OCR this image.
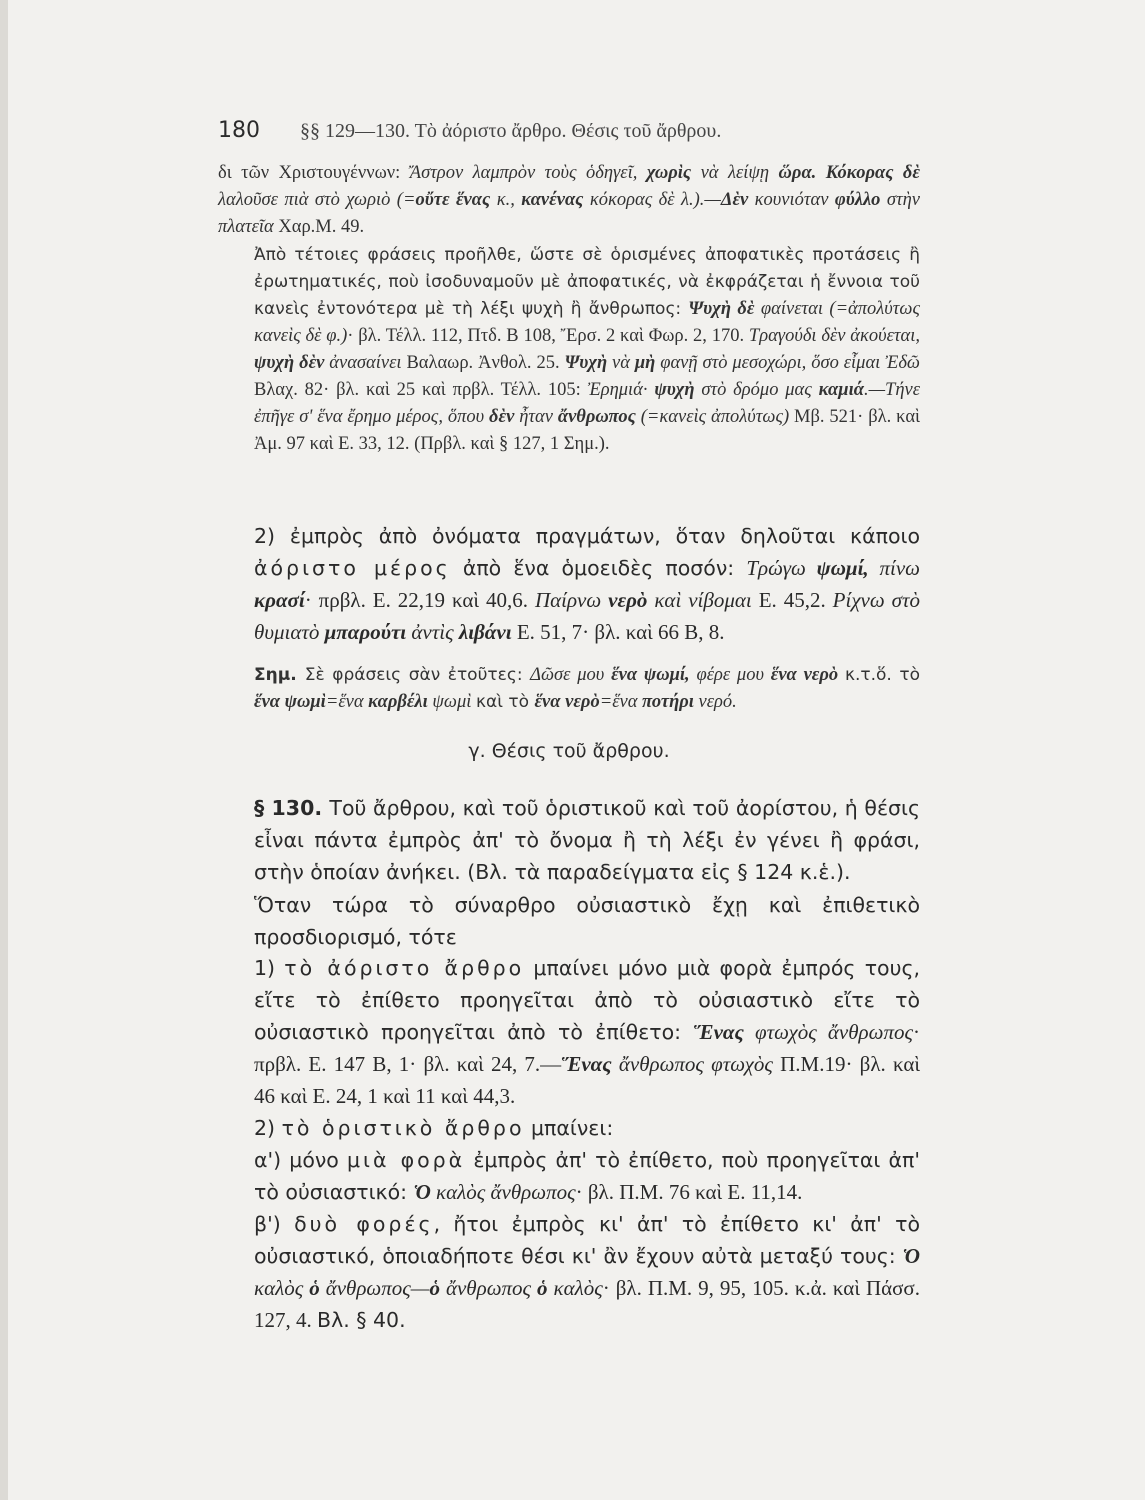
180 §§ 129—130. Τὸ ἀόριστο ἄρθρο. Θέσις τοῦ ἄρθρου.
δι τῶν Χριστουγέννων: Ἄστρον λαμπρὸν τοὺς ὁδηγεῖ, χωρὶς νὰ λείψῃ ὥρα. Κόκορας δὲ λαλοῦσε πιὰ στὸ χωριὸ (=οὔτε ἕνας κ., κανένας κόκορας δὲ λ.).—Δὲν κουνιόταν φύλλο στὴν πλατεῖα Χαρ.Μ. 49.
Ἀπὸ τέτοιες φράσεις προῆλθε, ὥστε σὲ ὁρισμένες ἀποφατικὲς προτάσεις ἢ ἐρωτηματικές, ποὺ ἰσοδυναμοῦν μὲ ἀποφατικές, νὰ ἐκφράζεται ἡ ἔννοια τοῦ κανεὶς ἐντονότερα μὲ τὴ λέξι ψυχὴ ἢ ἄνθρωπος: Ψυχὴ δὲ φαίνεται (=ἀπολύτως κανεὶς δὲ φ.)· βλ. Τέλλ. 112, Πτδ. Β 108, Ἔρσ. 2 καὶ Φωρ. 2, 170. Τραγούδι δὲν ἀκούεται, ψυχὴ δὲν ἀνασαίνει Βαλαωρ. Ἀνθολ. 25. Ψυχὴ νὰ μὴ φανῇ στὸ μεσοχώρι, ὅσο εἶμαι Ἐδῶ Βλαχ. 82· βλ. καὶ 25 καὶ πρβλ. Τέλλ. 105: Ἐρημιά· ψυχὴ στὸ δρόμο μας καμιά.—Τήνε ἐπῆγε σ' ἕνα ἔρημο μέρος, ὅπου δὲν ἦταν ἄνθρωπος (=κανεὶς ἀπολύτως) Μβ. 521· βλ. καὶ Ἀμ. 97 καὶ Ε. 33, 12. (Πρβλ. καὶ § 127, 1 Σημ.).
2) ἐμπρὸς ἀπὸ ὀνόματα πραγμάτων, ὅταν δηλοῦται κάποιο ἀόριστο μέρος ἀπὸ ἕνα ὁμοειδὲς ποσόν: Τρώγω ψωμί, πίνω κρασί· πρβλ. Ε. 22,19 καὶ 40,6. Παίρνω νερὸ καὶ νίβομαι Ε. 45,2. Ρίχνω στὸ θυμιατὸ μπαρούτι ἀντὶς λιβάνι Ε. 51, 7· βλ. καὶ 66 Β, 8.
Σημ. Σὲ φράσεις σὰν ἐτοῦτες: Δῶσε μου ἕνα ψωμί, φέρε μου ἕνα νερὸ κ.τ.ὅ. τὸ ἕνα ψωμὶ=ἕνα καρβέλι ψωμὶ καὶ τὸ ἕνα νερὸ=ἕνα ποτήρι νερό.
γ. Θέσις τοῦ ἄρθρου.
§ 130. Τοῦ ἄρθρου, καὶ τοῦ ὁριστικοῦ καὶ τοῦ ἀορίστου, ἡ θέσις εἶναι πάντα ἐμπρὸς ἀπ' τὸ ὄνομα ἢ τὴ λέξι ἐν γένει ἢ φράσι, στὴν ὁποίαν ἀνήκει. (Βλ. τὰ παραδείγματα εἰς § 124 κ.ἑ.).
Ὅταν τώρα τὸ σύναρθρο οὐσιαστικὸ ἔχῃ καὶ ἐπιθετικὸ προσδιορισμό, τότε
1) τὸ ἀόριστο ἄρθρο μπαίνει μόνο μιὰ φορὰ ἐμπρός τους, εἴτε τὸ ἐπίθετο προηγεῖται ἀπὸ τὸ οὐσιαστικὸ εἴτε τὸ οὐσιαστικὸ προηγεῖται ἀπὸ τὸ ἐπίθετο: Ἕνας φτωχὸς ἄνθρωπος· πρβλ. Ε. 147 Β, 1· βλ. καὶ 24, 7.—Ἕνας ἄνθρωπος φτωχὸς Π.Μ.19· βλ. καὶ 46 καὶ Ε. 24, 1 καὶ 11 καὶ 44,3.
2) τὸ ὁριστικὸ ἄρθρο μπαίνει:
α') μόνο μιὰ φορὰ ἐμπρὸς ἀπ' τὸ ἐπίθετο, ποὺ προηγεῖται ἀπ' τὸ οὐσιαστικό: Ὁ καλὸς ἄνθρωπος· βλ. Π.Μ. 76 καὶ Ε. 11,14.
β') δυὸ φορές, ἤτοι ἐμπρὸς κι' ἀπ' τὸ ἐπίθετο κι' ἀπ' τὸ οὐσιαστικό, ὁποιαδήποτε θέσι κι' ἂν ἔχουν αὐτὰ μεταξύ τους: Ὁ καλὸς ὁ ἄνθρωπος—ὁ ἄνθρωπος ὁ καλὸς· βλ. Π.Μ. 9, 95, 105. κ.ἀ. καὶ Πάσσ. 127, 4. Βλ. § 40.
